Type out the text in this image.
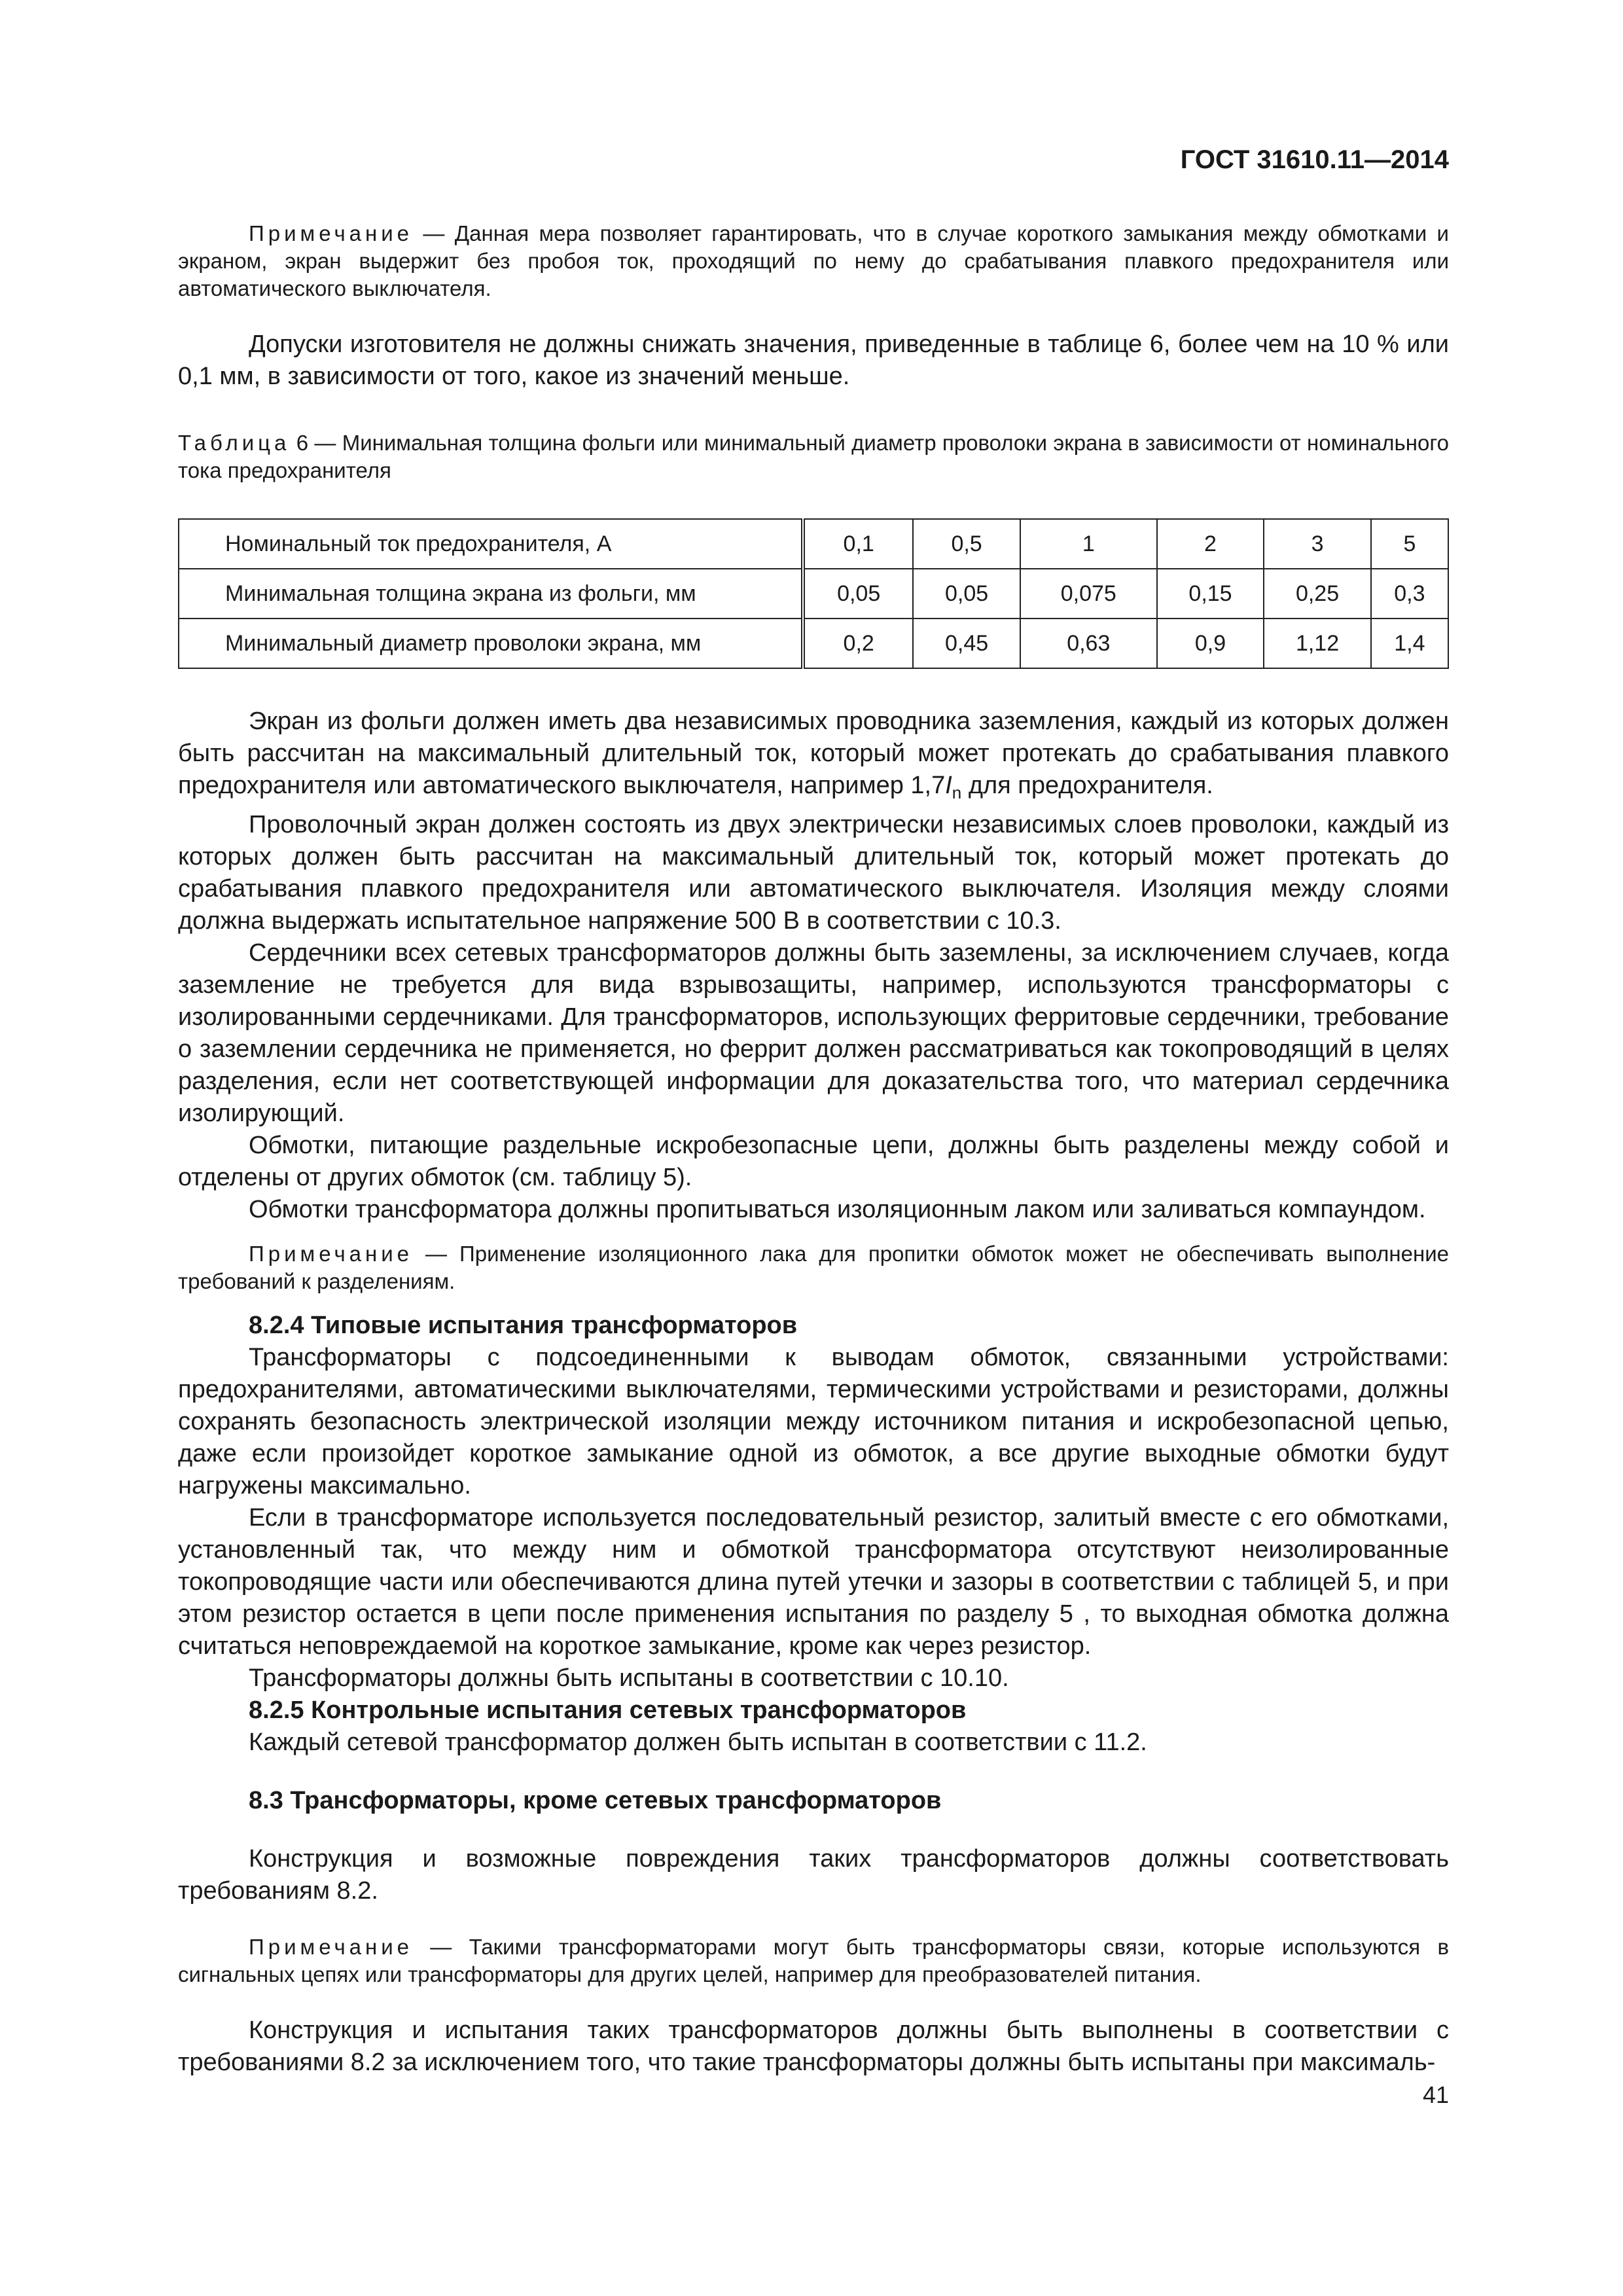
ГОСТ 31610.11—2014

Примечание — Данная мера позволяет гарантировать, что в случае короткого замыкания между обмотками и экраном, экран выдержит без пробоя ток, проходящий по нему до срабатывания плавкого предохранителя или автоматического выключателя.

Допуски изготовителя не должны снижать значения, приведенные в таблице 6, более чем на 10 % или 0,1 мм, в зависимости от того, какое из значений меньше.

Таблица 6 — Минимальная толщина фольги или минимальный диаметр проволоки экрана в зависимости от номинального тока предохранителя

Номинальный ток предохранителя, А	0,1	0,5	1	2	3	5
Минимальная толщина экрана из фольги, мм	0,05	0,05	0,075	0,15	0,25	0,3
Минимальный диаметр проволоки экрана, мм	0,2	0,45	0,63	0,9	1,12	1,4

Экран из фольги должен иметь два независимых проводника заземления, каждый из которых должен быть рассчитан на максимальный длительный ток, который может протекать до срабатывания плавкого предохранителя или автоматического выключателя, например $1,7I_n$ для предохранителя.

Проволочный экран должен состоять из двух электрически независимых слоев проволоки, каждый из которых должен быть рассчитан на максимальный длительный ток, который может протекать до срабатывания плавкого предохранителя или автоматического выключателя. Изоляция между слоями должна выдержать испытательное напряжение 500 В в соответствии с 10.3.

Сердечники всех сетевых трансформаторов должны быть заземлены, за исключением случаев, когда заземление не требуется для вида взрывозащиты, например, используются трансформаторы с изолированными сердечниками. Для трансформаторов, использующих ферритовые сердечники, требование о заземлении сердечника не применяется, но феррит должен рассматриваться как токопроводящий в целях разделения, если нет соответствующей информации для доказательства того, что материал сердечника изолирующий.

Обмотки, питающие раздельные искробезопасные цепи, должны быть разделены между собой и отделены от других обмоток (см. таблицу 5).

Обмотки трансформатора должны пропитываться изоляционным лаком или заливаться компаундом.

Примечание — Применение изоляционного лака для пропитки обмоток может не обеспечивать выполнение требований к разделениям.

8.2.4 Типовые испытания трансформаторов

Трансформаторы с подсоединенными к выводам обмоток, связанными устройствами: предохранителями, автоматическими выключателями, термическими устройствами и резисторами, должны сохранять безопасность электрической изоляции между источником питания и искробезопасной цепью, даже если произойдет короткое замыкание одной из обмоток, а все другие выходные обмотки будут нагружены максимально.

Если в трансформаторе используется последовательный резистор, залитый вместе с его обмотками, установленный так, что между ним и обмоткой трансформатора отсутствуют неизолированные токопроводящие части или обеспечиваются длина путей утечки и зазоры в соответствии с таблицей 5, и при этом резистор остается в цепи после применения испытания по разделу 5 , то выходная обмотка должна считаться неповреждаемой на короткое замыкание, кроме как через резистор.

Трансформаторы должны быть испытаны в соответствии с 10.10.

8.2.5 Контрольные испытания сетевых трансформаторов

Каждый сетевой трансформатор должен быть испытан в соответствии с 11.2.

8.3 Трансформаторы, кроме сетевых трансформаторов

Конструкция и возможные повреждения таких трансформаторов должны соответствовать требованиям 8.2.

Примечание — Такими трансформаторами могут быть трансформаторы связи, которые используются в сигнальных цепях или трансформаторы для других целей, например для преобразователей питания.

Конструкция и испытания таких трансформаторов должны быть выполнены в соответствии с требованиями 8.2 за исключением того, что такие трансформаторы должны быть испытаны при максималь-

41
